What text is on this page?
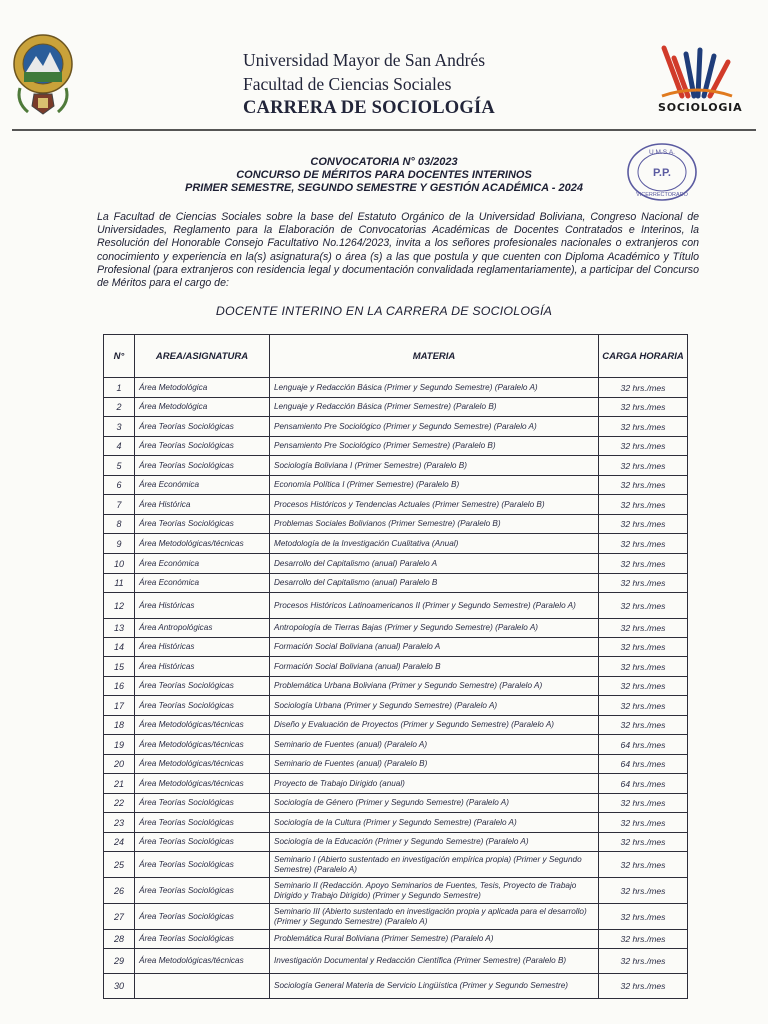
Universidad Mayor de San Andrés
Facultad de Ciencias Sociales
CARRERA DE SOCIOLOGÍA	SOCIOLOGIA
P.P.
U.M.S.A.
VICERRECTORADO
CONVOCATORIA N° 03/2023
CONCURSO DE MÉRITOS PARA DOCENTES INTERINOS
PRIMER SEMESTRE, SEGUNDO SEMESTRE Y GESTIÓN ACADÉMICA - 2024
La Facultad de Ciencias Sociales sobre la base del Estatuto Orgánico de la Universidad Boliviana, Congreso Nacional de Universidades, Reglamento para la Elaboración de Convocatorias Académicas de Docentes Contratados e Interinos, la Resolución del Honorable Consejo Facultativo No.1264/2023, invita a los señores profesionales nacionales o extranjeros con conocimiento y experiencia en la(s) asignatura(s) o área (s) a las que postula y que cuenten con Diploma Académico y Título Profesional (para extranjeros con residencia legal y documentación convalidada reglamentariamente), a participar del Concurso de Méritos para el cargo de:
DOCENTE INTERINO EN LA CARRERA DE SOCIOLOGÍA
N°	AREA/ASIGNATURA	MATERIA	CARGA HORARIA
1	Área Metodológica	Lenguaje y Redacción Básica (Primer y Segundo Semestre) (Paralelo A)	32 hrs./mes
2	Área Metodológica	Lenguaje y Redacción Básica (Primer Semestre) (Paralelo B)	32 hrs./mes
3	Área Teorías Sociológicas	Pensamiento Pre Sociológico (Primer y Segundo Semestre) (Paralelo A)	32 hrs./mes
4	Área Teorías Sociológicas	Pensamiento Pre Sociológico (Primer Semestre) (Paralelo B)	32 hrs./mes
5	Área Teorías Sociológicas	Sociología Boliviana I (Primer Semestre) (Paralelo B)	32 hrs./mes
6	Área Económica	Economía Política I (Primer Semestre) (Paralelo B)	32 hrs./mes
7	Área Histórica	Procesos Históricos y Tendencias Actuales (Primer Semestre) (Paralelo B)	32 hrs./mes
8	Área Teorías Sociológicas	Problemas Sociales Bolivianos (Primer Semestre) (Paralelo B)	32 hrs./mes
9	Área Metodológicas/técnicas	Metodología de la Investigación Cualitativa (Anual)	32 hrs./mes
10	Área Económica	Desarrollo del Capitalismo (anual) Paralelo A	32 hrs./mes
11	Área Económica	Desarrollo del Capitalismo (anual) Paralelo B	32 hrs./mes
12	Área Históricas	Procesos Históricos Latinoamericanos II (Primer y Segundo Semestre) (Paralelo A)	32 hrs./mes
13	Área Antropológicas	Antropología de Tierras Bajas (Primer y Segundo Semestre) (Paralelo A)	32 hrs./mes
14	Área Históricas	Formación Social Boliviana (anual) Paralelo A	32 hrs./mes
15	Área Históricas	Formación Social Boliviana (anual) Paralelo B	32 hrs./mes
16	Área Teorías Sociológicas	Problemática Urbana Boliviana (Primer y Segundo Semestre) (Paralelo A)	32 hrs./mes
17	Área Teorías Sociológicas	Sociología Urbana (Primer y Segundo Semestre) (Paralelo A)	32 hrs./mes
18	Área Metodológicas/técnicas	Diseño y Evaluación de Proyectos (Primer y Segundo Semestre) (Paralelo A)	32 hrs./mes
19	Área Metodológicas/técnicas	Seminario de Fuentes (anual) (Paralelo A)	64 hrs./mes
20	Área Metodológicas/técnicas	Seminario de Fuentes (anual) (Paralelo B)	64 hrs./mes
21	Área Metodológicas/técnicas	Proyecto de Trabajo Dirigido (anual)	64 hrs./mes
22	Área Teorías Sociológicas	Sociología de Género (Primer y Segundo Semestre) (Paralelo A)	32 hrs./mes
23	Área Teorías Sociológicas	Sociología de la Cultura (Primer y Segundo Semestre) (Paralelo A)	32 hrs./mes
24	Área Teorías Sociológicas	Sociología de la Educación (Primer y Segundo Semestre) (Paralelo A)	32 hrs./mes
25	Área Teorías Sociológicas	Seminario I (Abierto sustentado en investigación empírica propia) (Primer y Segundo Semestre) (Paralelo A)	32 hrs./mes
26	Área Teorías Sociológicas	Seminario II (Redacción. Apoyo Seminarios de Fuentes, Tesis, Proyecto de Trabajo Dirigido y Trabajo Dirigido) (Primer y Segundo Semestre)	32 hrs./mes
27	Área Teorías Sociológicas	Seminario III (Abierto sustentado en investigación propia y aplicada para el desarrollo) (Primer y Segundo Semestre) (Paralelo A)	32 hrs./mes
28	Área Teorías Sociológicas	Problemática Rural Boliviana (Primer Semestre) (Paralelo A)	32 hrs./mes
29	Área Metodológicas/técnicas	Investigación Documental y Redacción Científica (Primer Semestre) (Paralelo B)	32 hrs./mes
30		Sociología General Materia de Servicio Lingüística (Primer y Segundo Semestre)	32 hrs./mes
